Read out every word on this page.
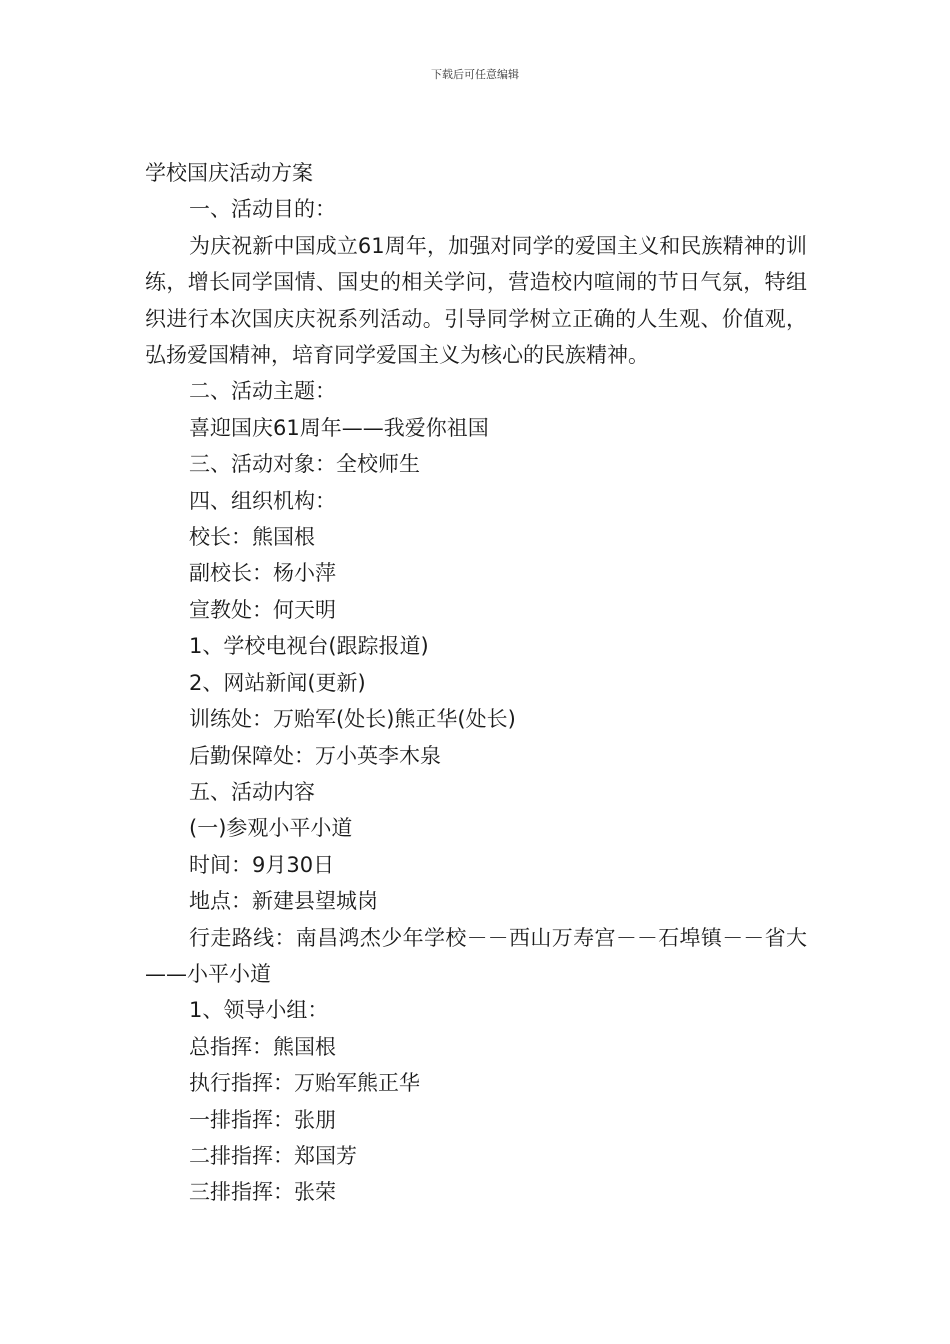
下载后可任意编辑
学校国庆活动方案
一、活动目的：
为庆祝新中国成立61周年，加强对同学的爱国主义和民族精神的训练，增长同学国情、国史的相关学问，营造校内喧闹的节日气氛，特组织进行本次国庆庆祝系列活动。引导同学树立正确的人生观、价值观，弘扬爱国精神，培育同学爱国主义为核心的民族精神。
二、活动主题：
喜迎国庆61周年——我爱你祖国
三、活动对象：全校师生
四、组织机构：
校长：熊国根
副校长：杨小萍
宣教处：何天明
1、学校电视台(跟踪报道)
2、网站新闻(更新)
训练处：万贻军(处长)熊正华(处长)
后勤保障处：万小英李木泉
五、活动内容
(一)参观小平小道
时间：9月30日
地点：新建县望城岗
行走路线：南昌鸿杰少年学校－－西山万寿宫－－石埠镇－－省大——小平小道
1、领导小组：
总指挥：熊国根
执行指挥：万贻军熊正华
一排指挥：张朋
二排指挥：郑国芳
三排指挥：张荣
